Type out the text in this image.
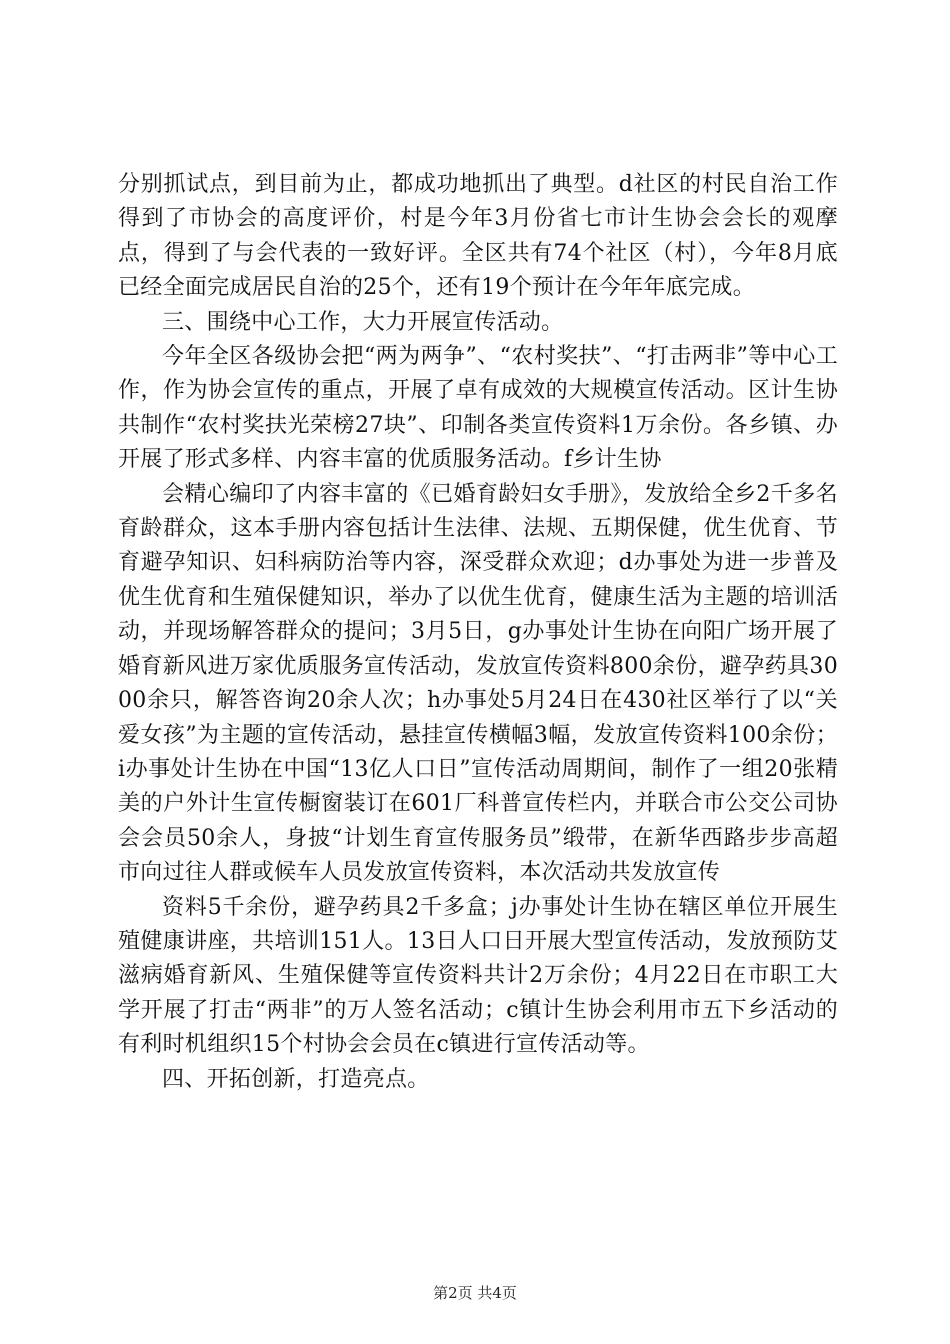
分别抓试点，到目前为止，都成功地抓出了典型。d社区的村民自治工作得到了市协会的高度评价，村是今年3月份省七市计生协会会长的观摩点，得到了与会代表的一致好评。全区共有74个社区（村），今年8月底已经全面完成居民自治的25个，还有19个预计在今年年底完成。

三、围绕中心工作，大力开展宣传活动。

今年全区各级协会把“两为两争”、“农村奖扶”、“打击两非”等中心工作，作为协会宣传的重点，开展了卓有成效的大规模宣传活动。区计生协共制作“农村奖扶光荣榜27块”、印制各类宣传资料1万余份。各乡镇、办开展了形式多样、内容丰富的优质服务活动。f乡计生协

会精心编印了内容丰富的《已婚育龄妇女手册》，发放给全乡2千多名育龄群众，这本手册内容包括计生法律、法规、五期保健，优生优育、节育避孕知识、妇科病防治等内容，深受群众欢迎；d办事处为进一步普及优生优育和生殖保健知识，举办了以优生优育，健康生活为主题的培训活动，并现场解答群众的提问；3月5日，g办事处计生协在向阳广场开展了婚育新风进万家优质服务宣传活动，发放宣传资料800余份，避孕药具3000余只，解答咨询20余人次；h办事处5月24日在430社区举行了以“关爱女孩”为主题的宣传活动，悬挂宣传横幅3幅，发放宣传资料100余份；i办事处计生协在中国“13亿人口日”宣传活动周期间，制作了一组20张精美的户外计生宣传橱窗装订在601厂科普宣传栏内，并联合市公交公司协会会员50余人，身披“计划生育宣传服务员”缎带，在新华西路步步高超市向过往人群或候车人员发放宣传资料，本次活动共发放宣传

资料5千余份，避孕药具2千多盒；j办事处计生协在辖区单位开展生殖健康讲座，共培训151人。13日人口日开展大型宣传活动，发放预防艾滋病婚育新风、生殖保健等宣传资料共计2万余份；4月22日在市职工大学开展了打击“两非”的万人签名活动；c镇计生协会利用市五下乡活动的有利时机组织15个村协会会员在c镇进行宣传活动等。

四、开拓创新，打造亮点。

第2页 共4页
